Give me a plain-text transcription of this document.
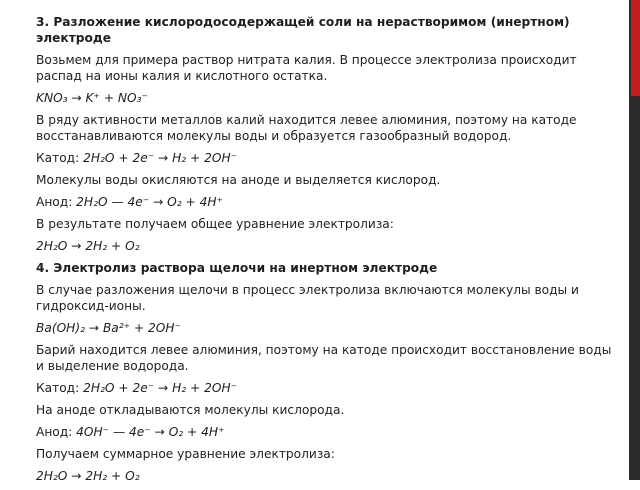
3. Разложение кислородосодержащей соли на нерастворимом (инертном) электроде

Возьмем для примера раствор нитрата калия. В процессе электролиза происходит распад на ионы калия и кислотного остатка.

KNO₃ → K⁺ + NO₃⁻

В ряду активности металлов калий находится левее алюминия, поэтому на катоде восстанавливаются молекулы воды и образуется газообразный водород.

Катод: 2H₂O + 2e⁻ → H₂ + 2OH⁻

Молекулы воды окисляются на аноде и выделяется кислород.

Анод: 2H₂O — 4e⁻ → O₂ + 4H⁺

В результате получаем общее уравнение электролиза:

2H₂O → 2H₂ + O₂

4. Электролиз раствора щелочи на инертном электроде

В случае разложения щелочи в процесс электролиза включаются молекулы воды и гидроксид-ионы.

Ba(OH)₂ → Ba²⁺ + 2OH⁻

Барий находится левее алюминия, поэтому на катоде происходит восстановление воды и выделение водорода.

Катод: 2H₂O + 2e⁻ → H₂ + 2OH⁻

На аноде откладываются молекулы кислорода.

Анод: 4OH⁻ — 4e⁻ → O₂ + 4H⁺

Получаем суммарное уравнение электролиза:

2H₂O → 2H₂ + O₂
